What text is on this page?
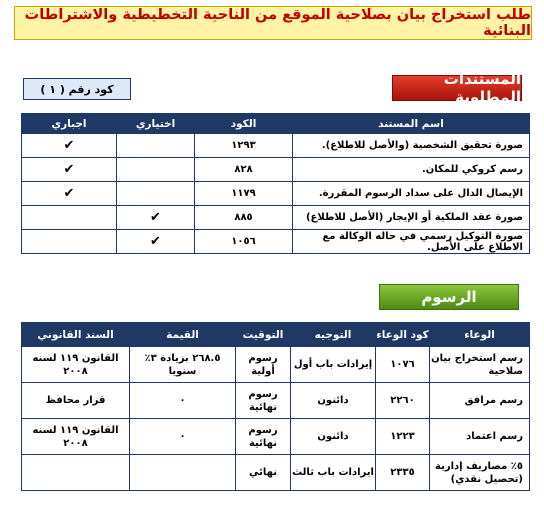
طلب استخراج بيان بصلاحية الموقع من الناحية التخطيطية والاشتراطات البنائية
المستندات المطلوبة
كود رقم ( ١ )
اسم المستند	الكود	اختياري	اجباري
صورة تحقيق الشخصية (والأصل للاطلاع).	١٢٩٣		✔
رسم كروكي للمكان.	٨٢٨		✔
الإيصال الدال على سداد الرسوم المقررة.	١١٧٩		✔
صورة عقد الملكية أو الإيجار (الأصل للاطلاع)	٨٨٥	✔	
صورة التوكيل رسمي في حاله الوكالة مع الاطلاع على الأصل.	١٠٥٦	✔	
الرسوم
الوعاء	كود الوعاء	التوجيه	التوقيت	القيمة	السند القانوني
رسم استخراج بيان صلاحية	١٠٧٦	إيرادات باب أول	رسوم أولية	٢٦٨.٥ بزيادة ٣٪ سنويا	القانون ١١٩ لسنه ٢٠٠٨
رسم مرافق	٢٢٦٠	دائنون	رسوم نهائية	٠	قرار محافظ
رسم اعتماد	١٢٢٣	دائنون	رسوم نهائية	٠	القانون ١١٩ لسنه ٢٠٠٨
٥٪ مصاريف إدارية (تحصيل نقدي)	٢٣٣٥	ايرادات باب ثالث	نهائي		
